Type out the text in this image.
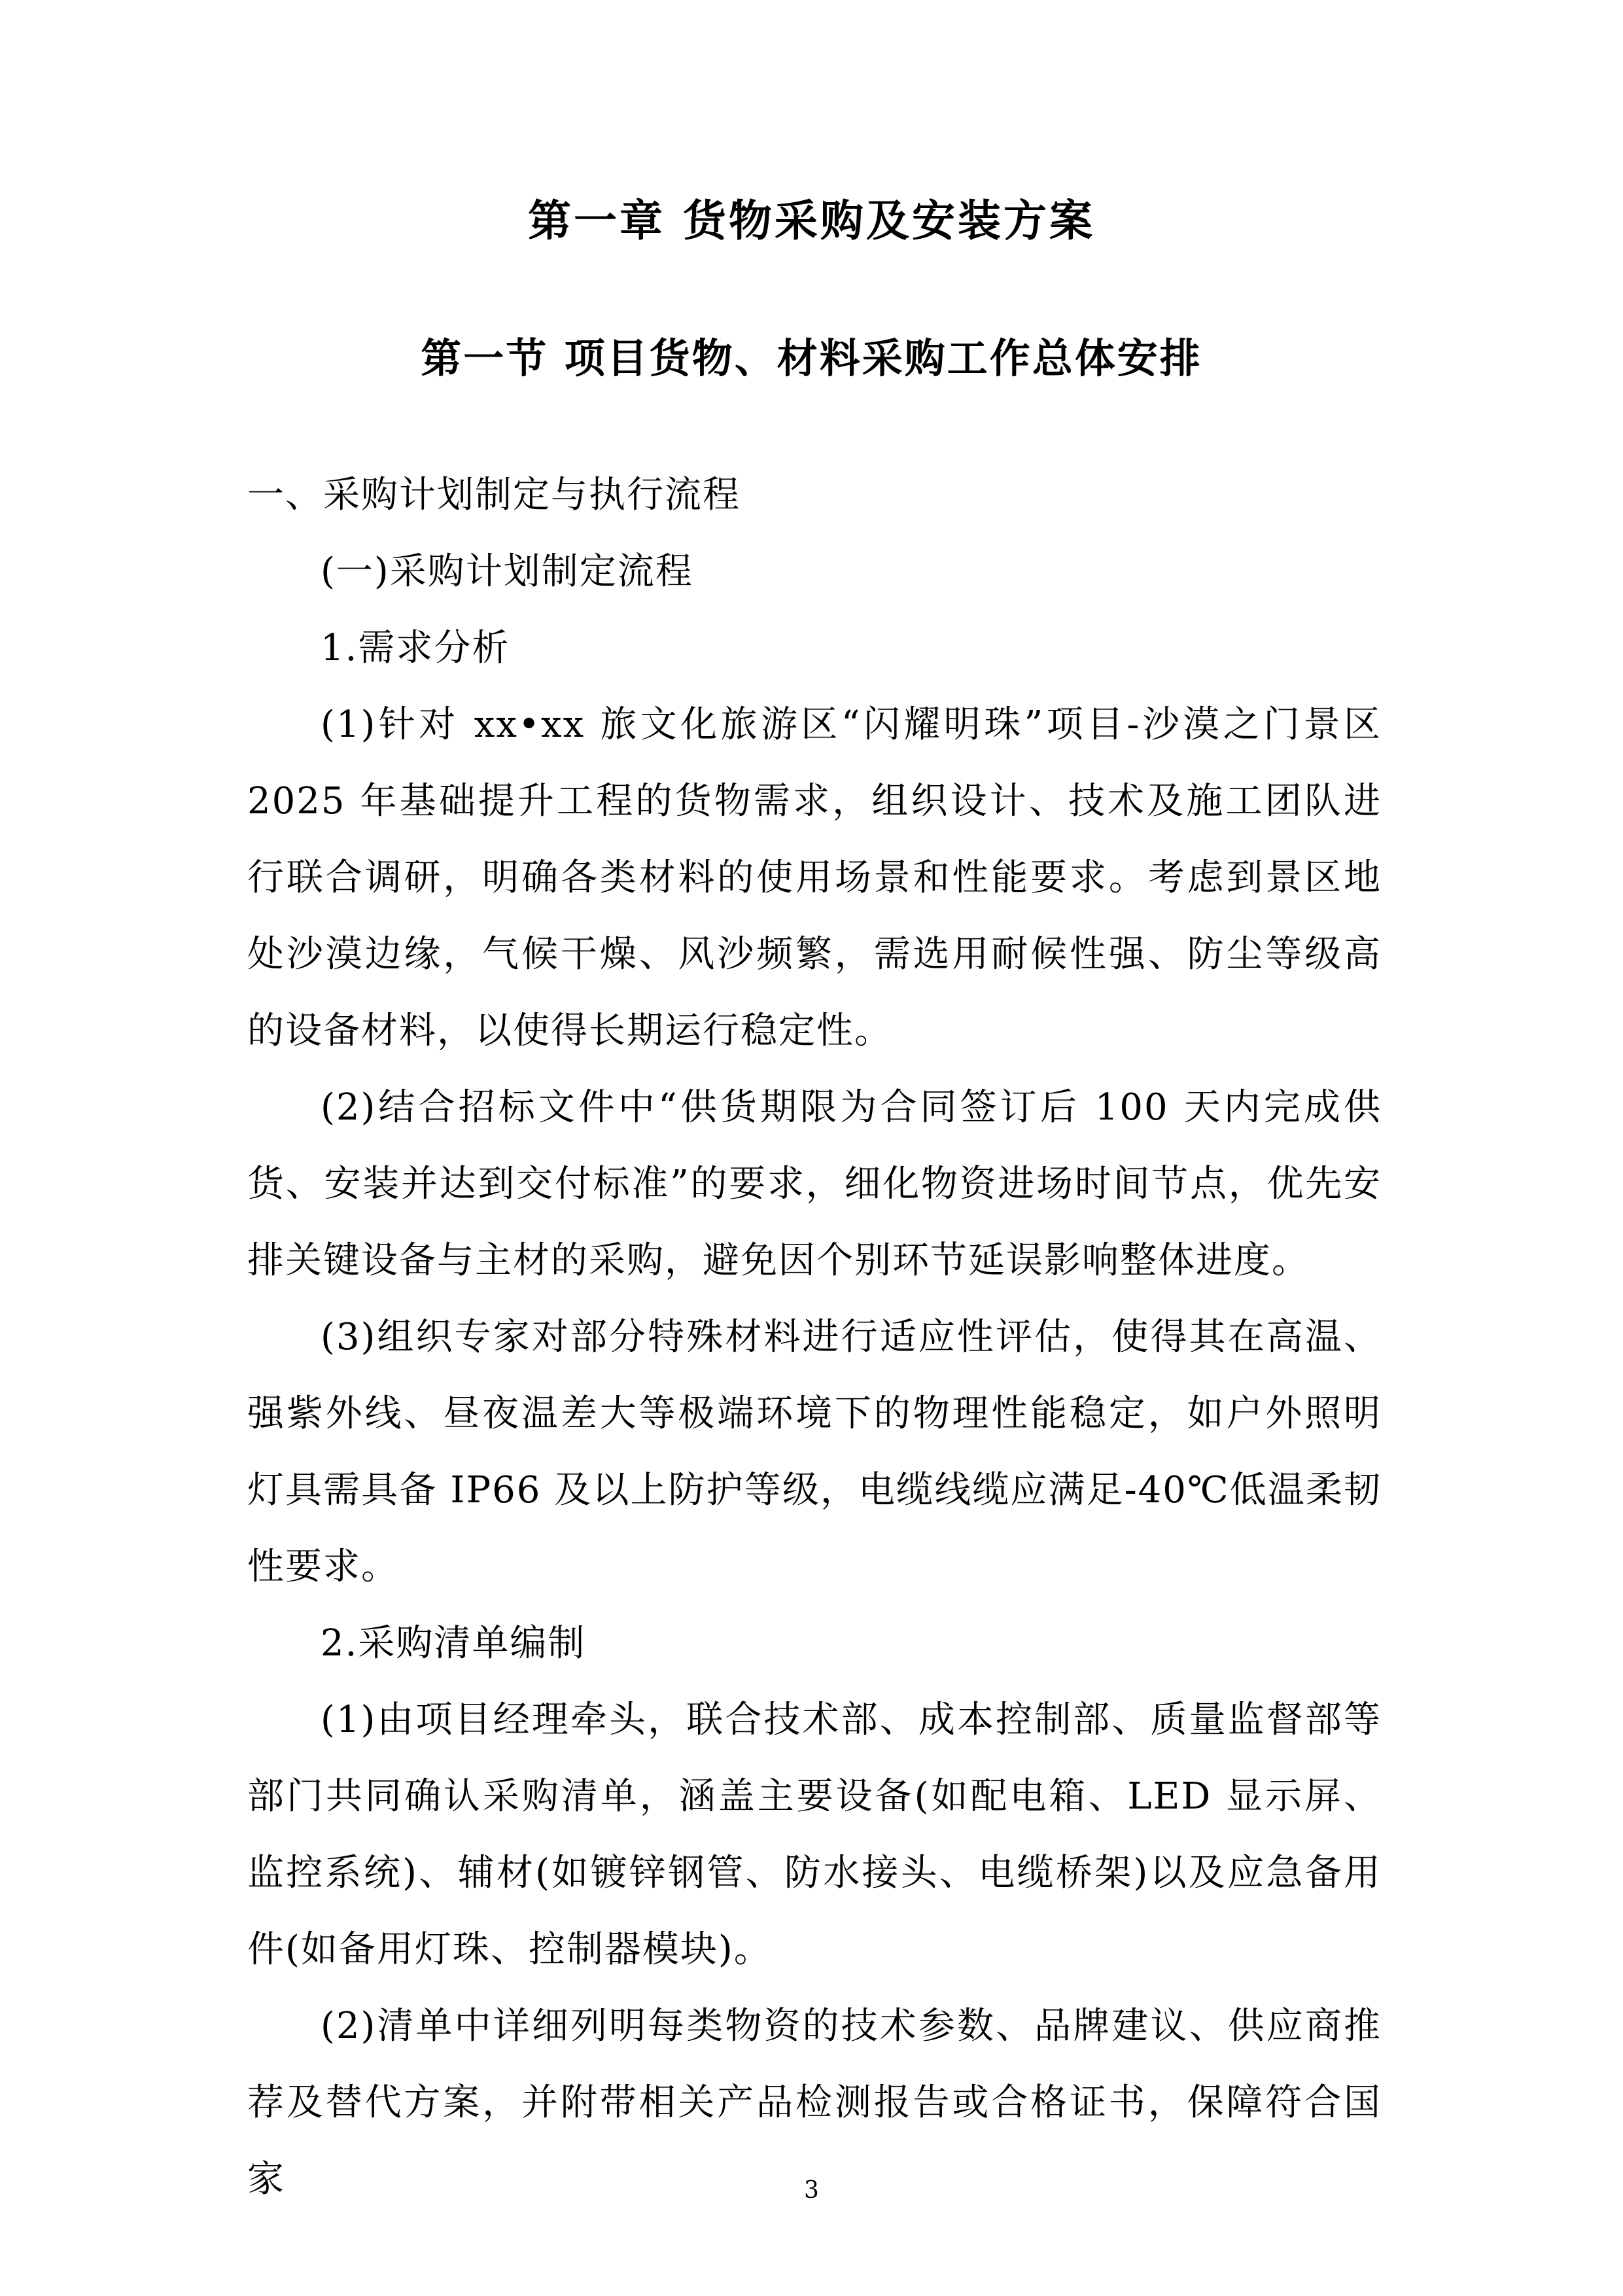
第一章 货物采购及安装方案
第一节 项目货物、材料采购工作总体安排

一、采购计划制定与执行流程

(一)采购计划制定流程

1.需求分析

(1)针对 xx•xx 旅文化旅游区“闪耀明珠”项目-沙漠之门景区 2025 年基础提升工程的货物需求，组织设计、技术及施工团队进行联合调研，明确各类材料的使用场景和性能要求。考虑到景区地处沙漠边缘，气候干燥、风沙频繁，需选用耐候性强、防尘等级高的设备材料，以使得长期运行稳定性。

(2)结合招标文件中“供货期限为合同签订后 100 天内完成供货、安装并达到交付标准”的要求，细化物资进场时间节点，优先安排关键设备与主材的采购，避免因个别环节延误影响整体进度。

(3)组织专家对部分特殊材料进行适应性评估，使得其在高温、强紫外线、昼夜温差大等极端环境下的物理性能稳定，如户外照明灯具需具备 IP66 及以上防护等级，电缆线缆应满足-40℃低温柔韧性要求。

2.采购清单编制

(1)由项目经理牵头，联合技术部、成本控制部、质量监督部等部门共同确认采购清单，涵盖主要设备(如配电箱、LED 显示屏、监控系统)、辅材(如镀锌钢管、防水接头、电缆桥架)以及应急备用件(如备用灯珠、控制器模块)。

(2)清单中详细列明每类物资的技术参数、品牌建议、供应商推荐及替代方案，并附带相关产品检测报告或合格证书，保障符合国家	3
